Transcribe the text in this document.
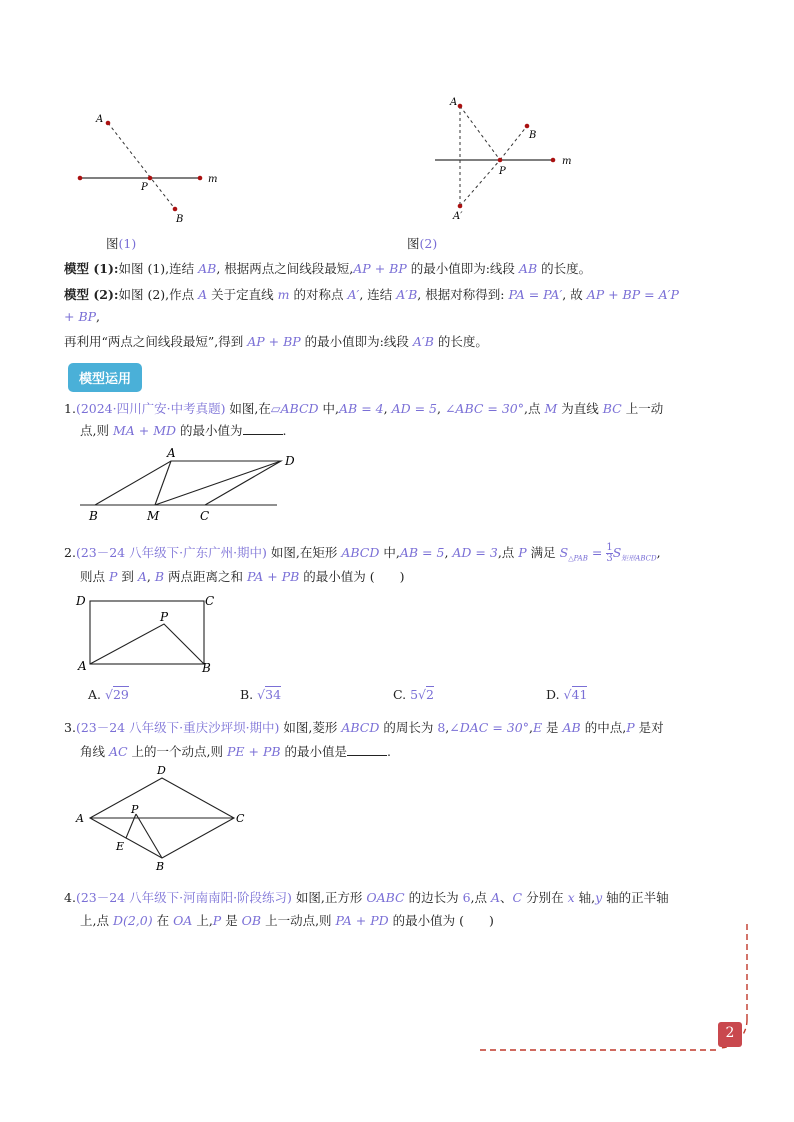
A
P
B
m
图(1)
A
B
P
m
A′
图(2)
模型 (1):如图 (1),连结 AB, 根据两点之间线段最短,AP + BP 的最小值即为:线段 AB 的长度。
模型 (2):如图 (2),作点 A 关于定直线 m 的对称点 A′, 连结 A′B, 根据对称得到: PA = PA′, 故 AP + BP = A′P
+ BP,
再利用“两点之间线段最短”,得到 AP + BP 的最小值即为:线段 A′B 的长度。
模型运用
1.(2024·四川广安·中考真题) 如图,在▱ABCD 中,AB = 4, AD = 5, ∠ABC = 30°,点 M 为直线 BC 上一动
点,则 MA + MD 的最小值为	.
A
D
B	M	C
2.(23－24 八年级下·广东广州·期中) 如图,在矩形 ABCD 中,AB = 5, AD = 3,点 P 满足 $S_{\triangle PAB} = \frac{1}{3} S_{矩形ABCD}$,
则点 P 到 A, B 两点距离之和 PA + PB 的最小值为 (　　)
D	C
P
A	B
A. √29	B. √34	C. 5√2	D. √41
3.(23－24 八年级下·重庆沙坪坝·期中) 如图,菱形 ABCD 的周长为 8,∠DAC = 30°,E 是 AB 的中点,P 是对
角线 AC 上的一个动点,则 PE + PB 的最小值是	.
D
A	C
P
E
B
4.(23－24 八年级下·河南南阳·阶段练习) 如图,正方形 OABC 的边长为 6,点 A、C 分别在 x 轴,y 轴的正半轴
上,点 D(2,0) 在 OA 上,P 是 OB 上一动点,则 PA + PD 的最小值为 (　　)
2
